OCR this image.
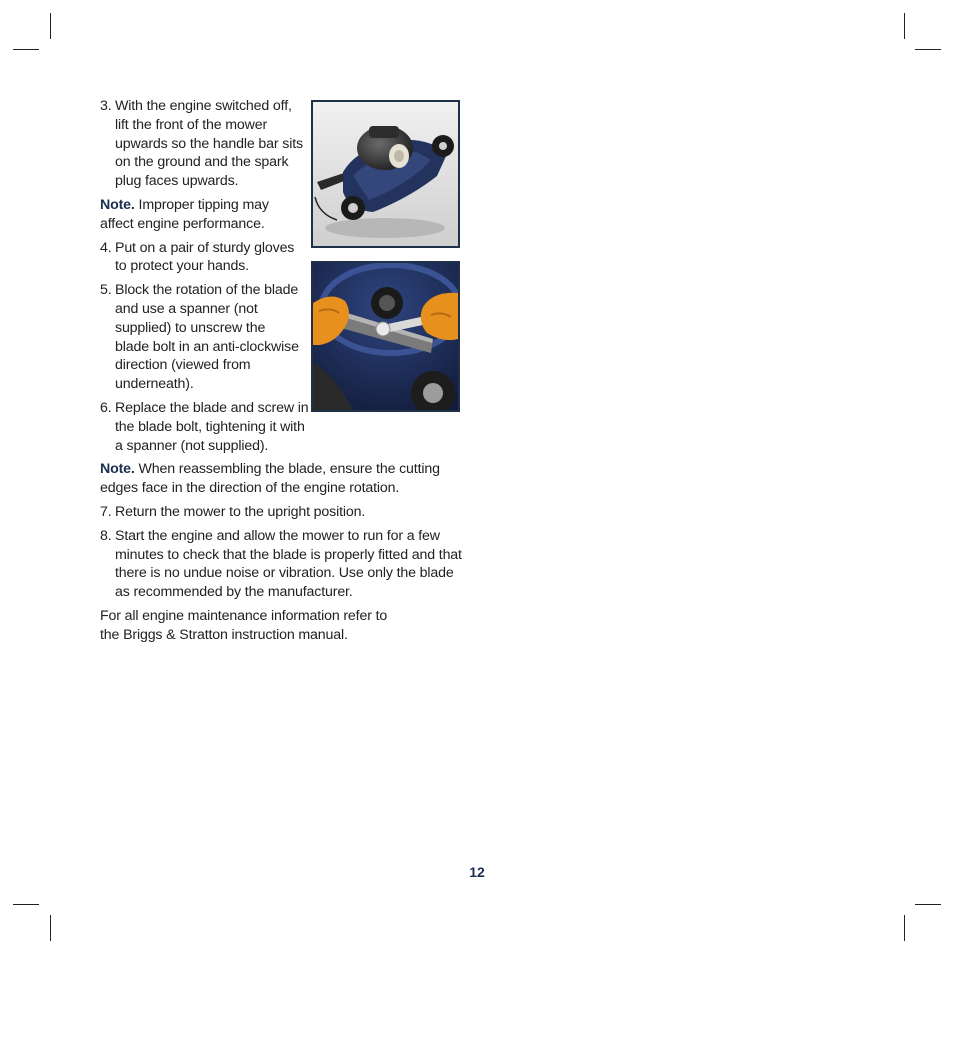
3. With the engine switched off, lift the front of the mower upwards so the handle bar sits on the ground and the spark plug faces upwards.
Note. Improper tipping may affect engine performance.
4. Put on a pair of sturdy gloves to protect your hands.
5. Block the rotation of the blade and use a spanner (not supplied) to unscrew the blade bolt in an anti-clockwise direction (viewed from underneath).
6. Replace the blade and screw in the blade bolt, tightening it with a spanner (not supplied).
Note. When reassembling the blade, ensure the cutting edges face in the direction of the engine rotation.
7. Return the mower to the upright position.
8. Start the engine and allow the mower to run for a few minutes to check that the blade is properly fitted and that there is no undue noise or vibration. Use only the blade as recommended by the manufacturer.

For all engine maintenance information refer to the Briggs & Stratton instruction manual.

12
